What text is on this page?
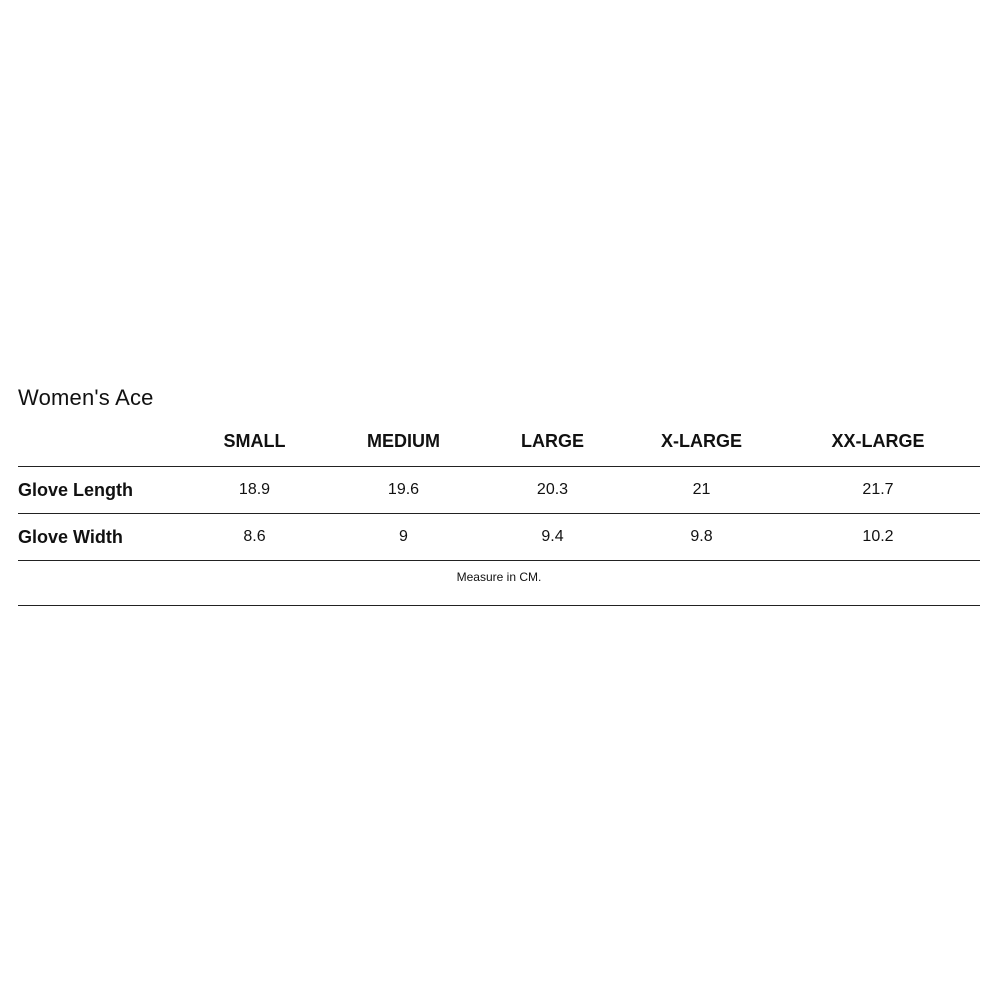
Women's Ace
	SMALL	MEDIUM	LARGE	X-LARGE	XX-LARGE
Glove Length	18.9	19.6	20.3	21	21.7
Glove Width	8.6	9	9.4	9.8	10.2
Measure in CM.					
